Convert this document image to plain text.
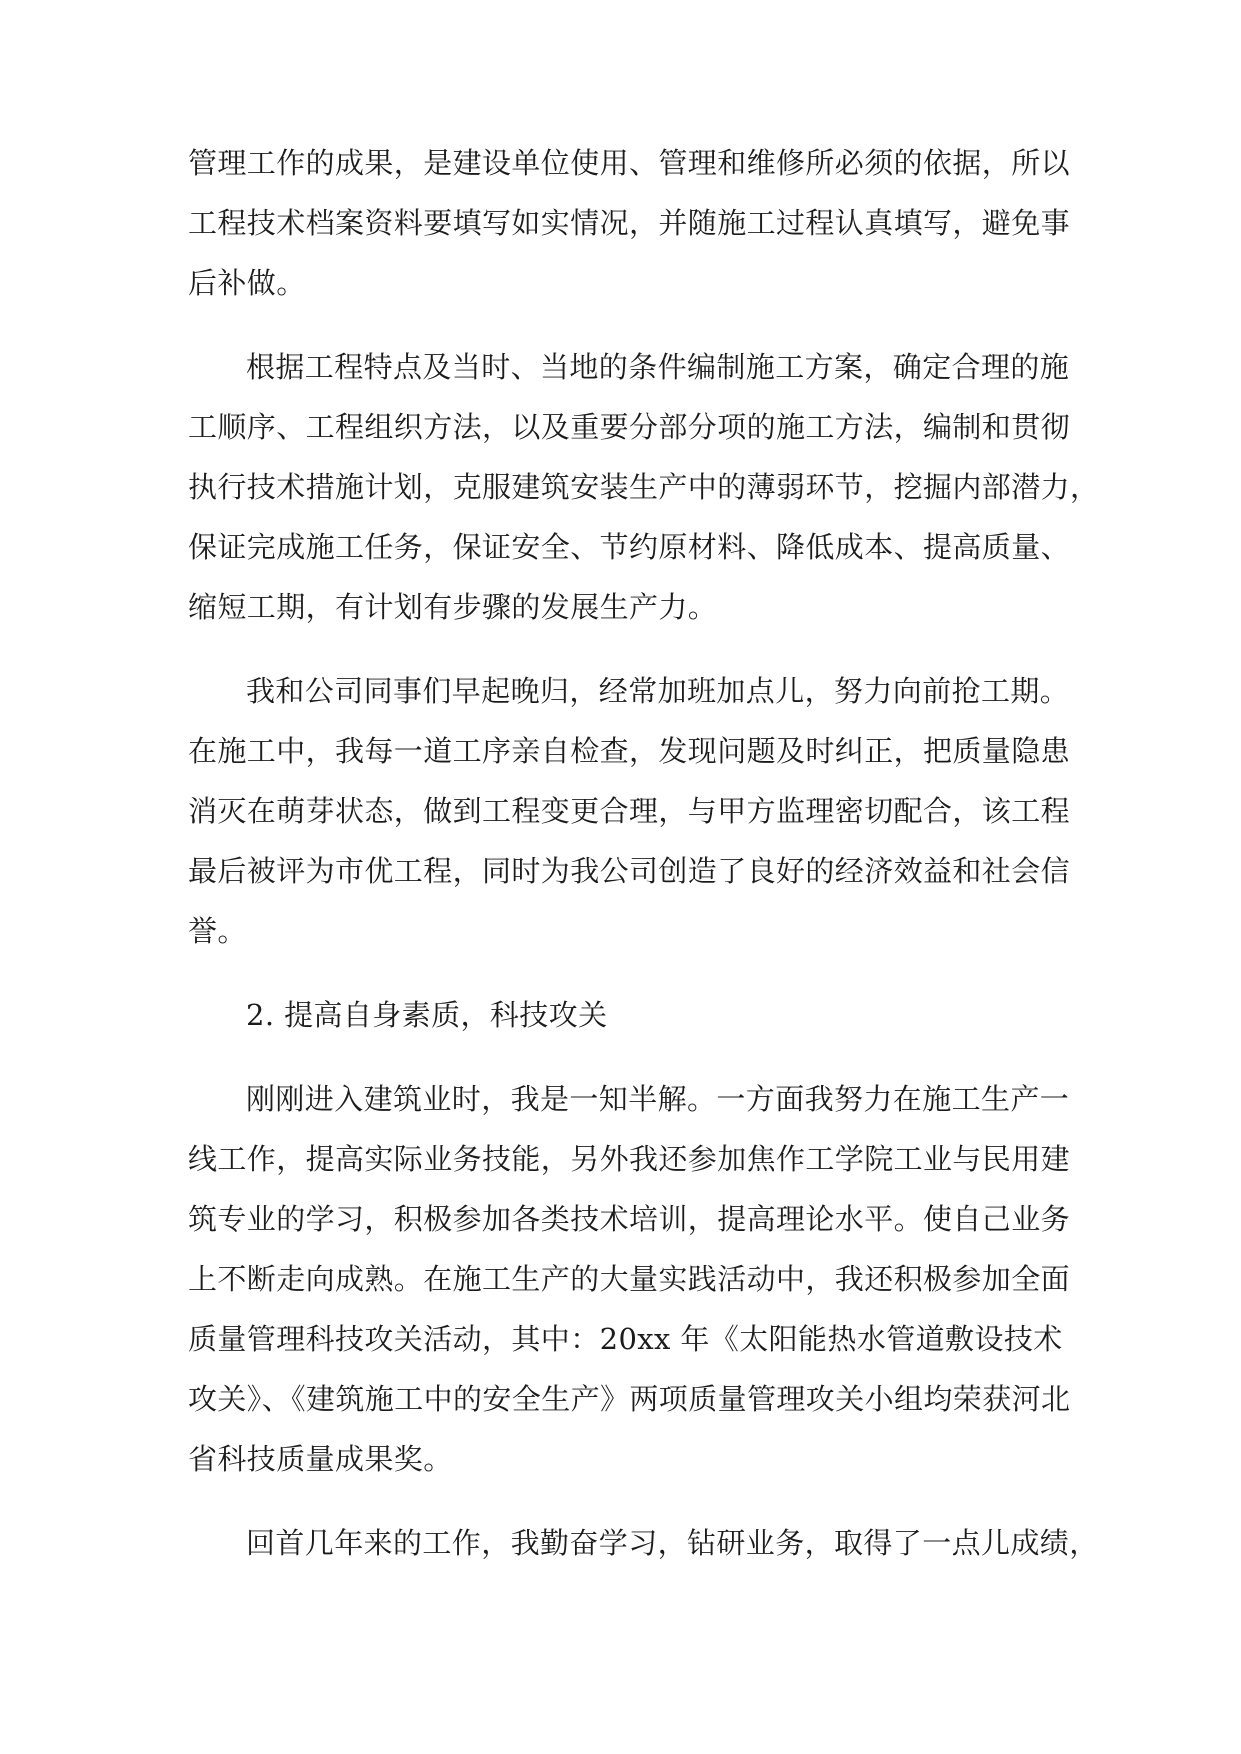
管理工作的成果，是建设单位使用、管理和维修所必须的依据，所以
工程技术档案资料要填写如实情况，并随施工过程认真填写，避免事
后补做。
根据工程特点及当时、当地的条件编制施工方案，确定合理的施
工顺序、工程组织方法，以及重要分部分项的施工方法，编制和贯彻
执行技术措施计划，克服建筑安装生产中的薄弱环节，挖掘内部潜力，
保证完成施工任务，保证安全、节约原材料、降低成本、提高质量、
缩短工期，有计划有步骤的发展生产力。
我和公司同事们早起晚归，经常加班加点儿，努力向前抢工期。
在施工中，我每一道工序亲自检查，发现问题及时纠正，把质量隐患
消灭在萌芽状态，做到工程变更合理，与甲方监理密切配合，该工程
最后被评为市优工程，同时为我公司创造了良好的经济效益和社会信
誉。
2. 提高自身素质，科技攻关
刚刚进入建筑业时，我是一知半解。一方面我努力在施工生产一
线工作，提高实际业务技能，另外我还参加焦作工学院工业与民用建
筑专业的学习，积极参加各类技术培训，提高理论水平。使自己业务
上不断走向成熟。在施工生产的大量实践活动中，我还积极参加全面
质量管理科技攻关活动，其中：20xx 年《太阳能热水管道敷设技术
攻关》、《建筑施工中的安全生产》两项质量管理攻关小组均荣获河北
省科技质量成果奖。
回首几年来的工作，我勤奋学习，钻研业务，取得了一点儿成绩，
